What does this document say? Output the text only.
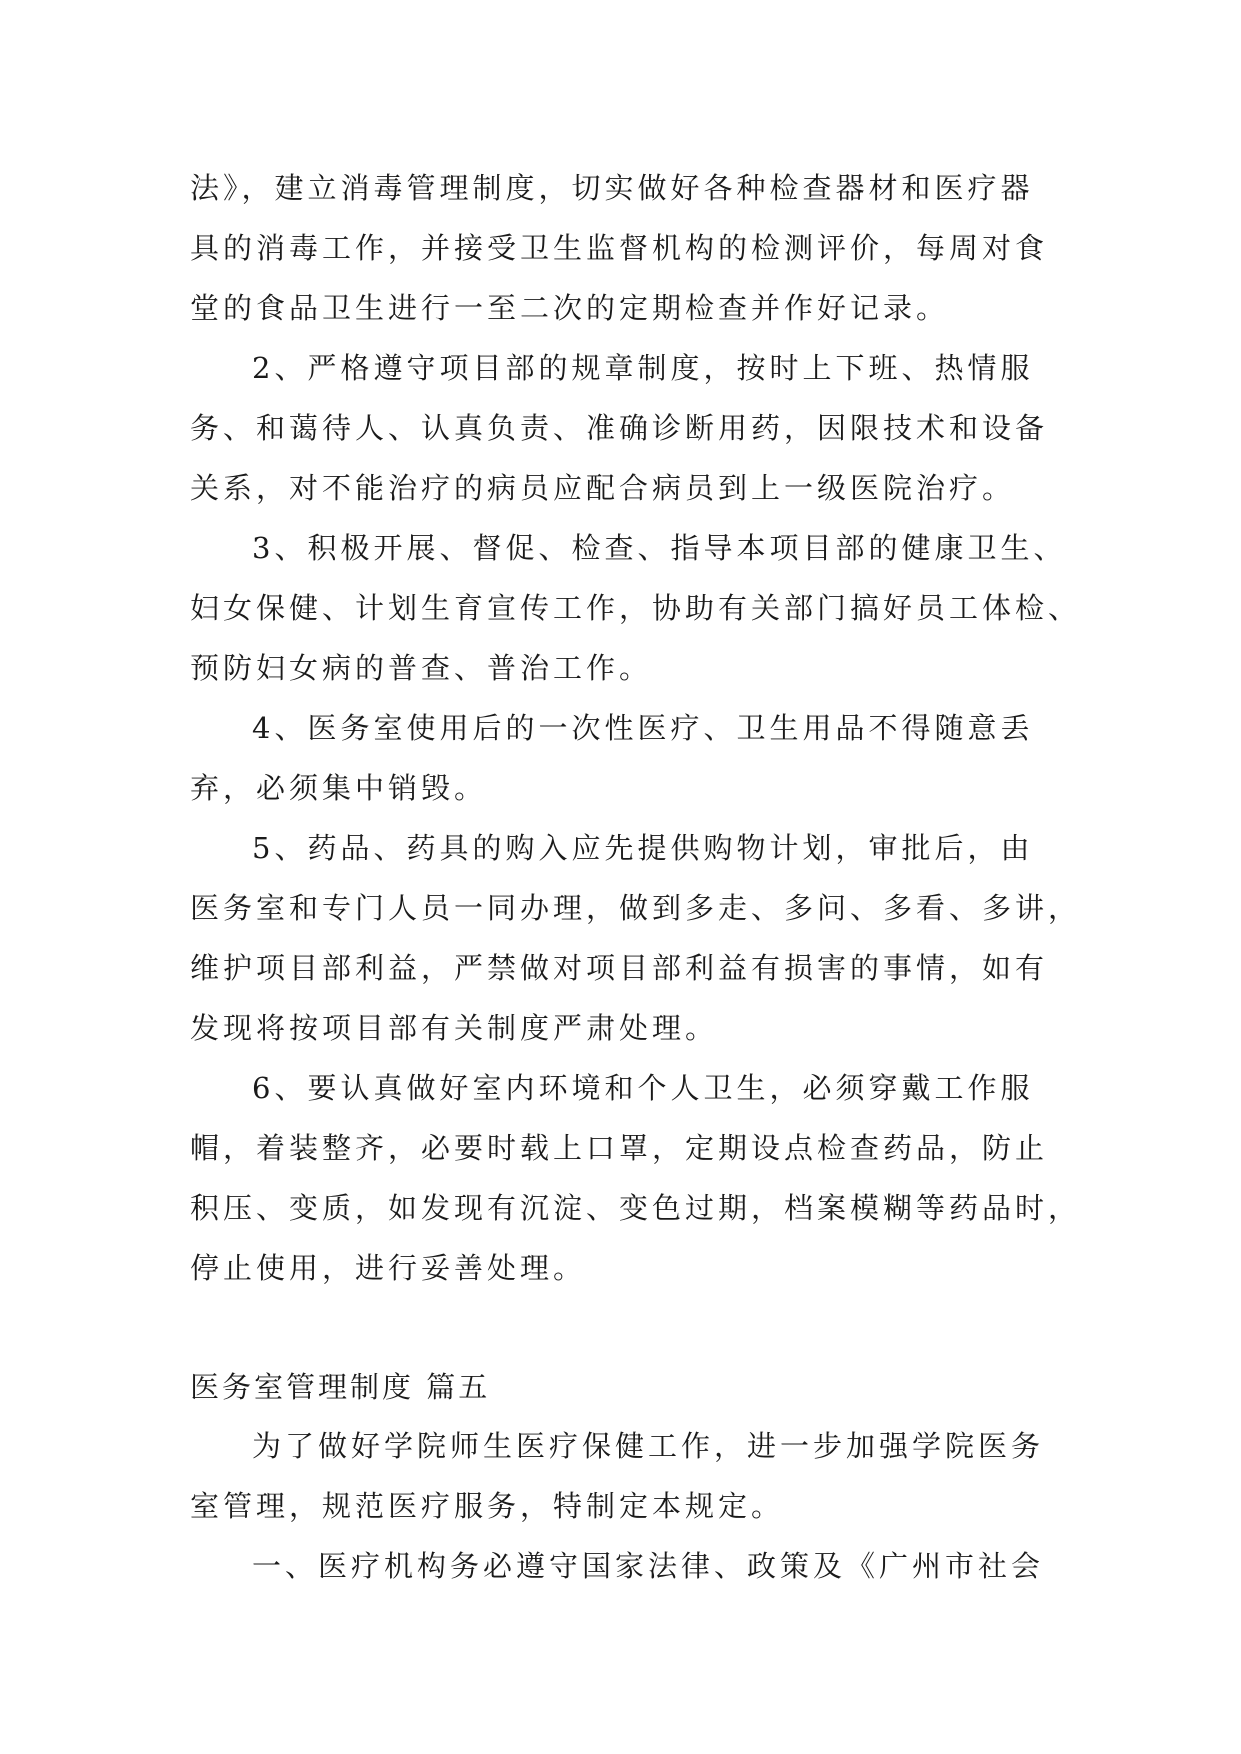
法》，建立消毒管理制度，切实做好各种检查器材和医疗器
具的消毒工作，并接受卫生监督机构的检测评价，每周对食
堂的食品卫生进行一至二次的定期检查并作好记录。
2、严格遵守项目部的规章制度，按时上下班、热情服
务、和蔼待人、认真负责、准确诊断用药，因限技术和设备
关系，对不能治疗的病员应配合病员到上一级医院治疗。
3、积极开展、督促、检查、指导本项目部的健康卫生、
妇女保健、计划生育宣传工作，协助有关部门搞好员工体检、
预防妇女病的普查、普治工作。
4、医务室使用后的一次性医疗、卫生用品不得随意丢
弃，必须集中销毁。
5、药品、药具的购入应先提供购物计划，审批后，由
医务室和专门人员一同办理，做到多走、多问、多看、多讲，
维护项目部利益，严禁做对项目部利益有损害的事情，如有
发现将按项目部有关制度严肃处理。
6、要认真做好室内环境和个人卫生，必须穿戴工作服
帽，着装整齐，必要时载上口罩，定期设点检查药品，防止
积压、变质，如发现有沉淀、变色过期，档案模糊等药品时，
停止使用，进行妥善处理。
医务室管理制度 篇五
为了做好学院师生医疗保健工作，进一步加强学院医务
室管理，规范医疗服务，特制定本规定。
一、医疗机构务必遵守国家法律、政策及《广州市社会
